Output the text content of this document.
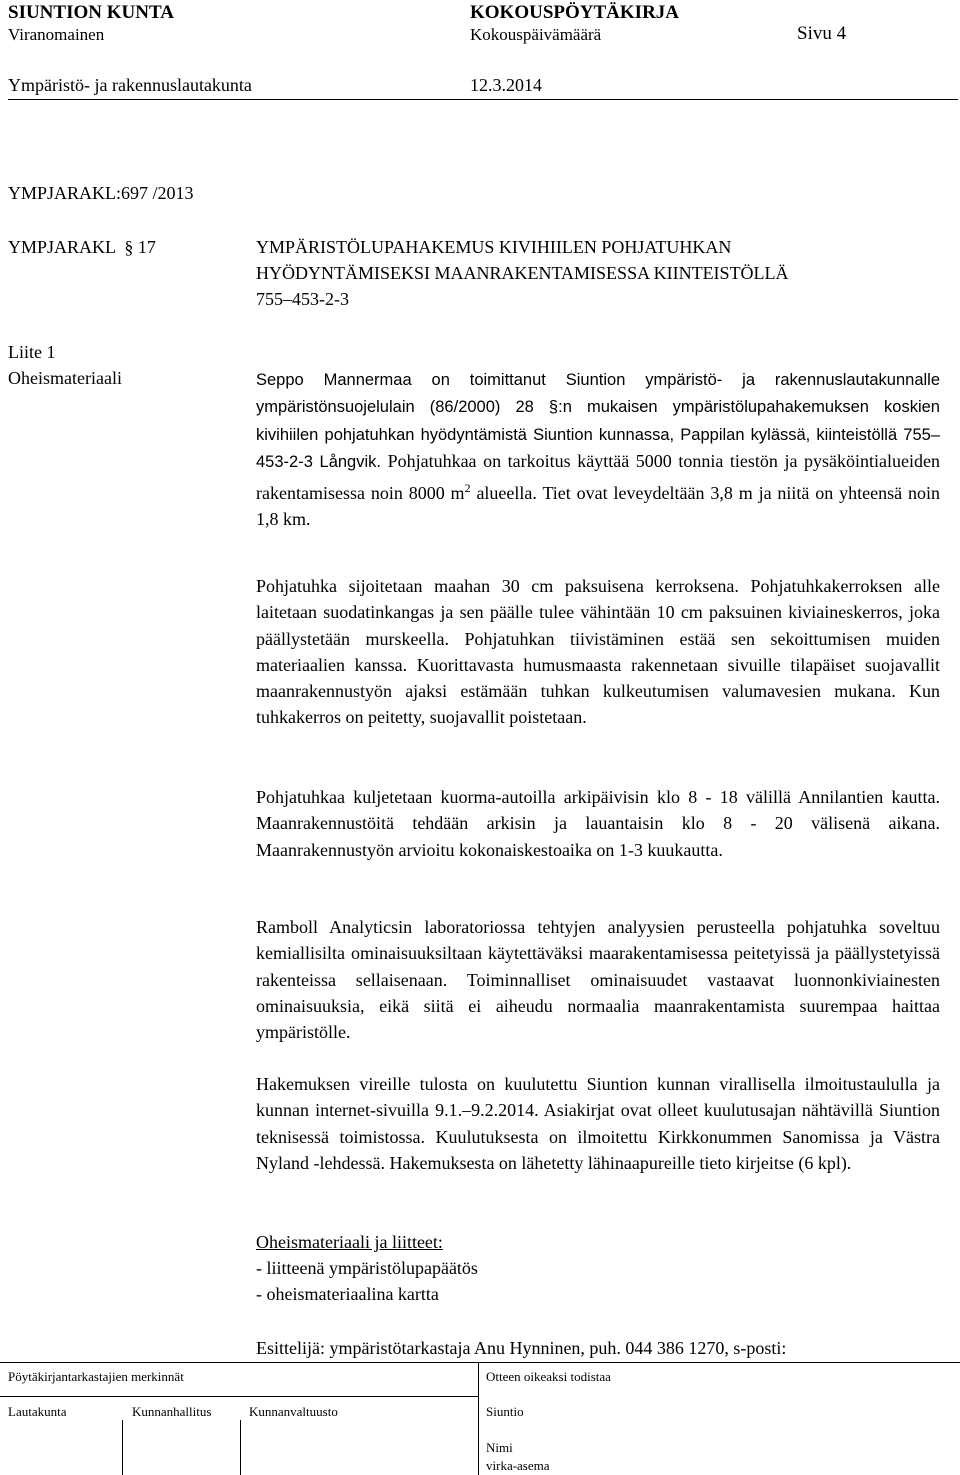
SIUNTION KUNTA	KOKOUSPÖYTÄKIRJA
Viranomainen	Kokouspäivämäärä	Sivu 4
Ympäristö- ja rakennuslautakunta	12.3.2014
YMPJARAKL:697 /2013
YMPJARAKL  § 17	YMPÄRISTÖLUPAHAKEMUS KIVIHIILEN POHJATUHKAN
HYÖDYNTÄMISEKSI MAANRAKENTAMISESSA KIINTEISTÖLLÄ
755–453-2-3
Liite 1
Oheismateriaali	Seppo Mannermaa on toimittanut Siuntion ympäristö- ja rakennuslautakunnalle ympäristönsuojelulain (86/2000) 28 §:n mukaisen ympäristölupahakemuksen koskien kivihiilen pohjatuhkan hyödyntämistä Siuntion kunnassa, Pappilan kylässä, kiinteistöllä 755–453-2-3 Långvik. Pohjatuhkaa on tarkoitus käyttää 5000 tonnia tiestön ja pysäköintialueiden rakentamisessa noin 8000 $m^2$ alueella. Tiet ovat leveydeltään 3,8 m ja niitä on yhteensä noin 1,8 km.

Pohjatuhka sijoitetaan maahan 30 cm paksuisena kerroksena. Pohjatuhkakerroksen alle laitetaan suodatinkangas ja sen päälle tulee vähintään 10 cm paksuinen kiviaineskerros, joka päällystetään murskeella. Pohjatuhkan tiivistäminen estää sen sekoittumisen muiden materiaalien kanssa. Kuorittavasta humusmaasta rakennetaan sivuille tilapäiset suojavallit maanrakennustyön ajaksi estämään tuhkan kulkeutumisen valumavesien mukana. Kun tuhkakerros on peitetty, suojavallit poistetaan.

Pohjatuhkaa kuljetetaan kuorma-autoilla arkipäivisin klo 8 - 18 välillä Annilantien kautta. Maanrakennustöitä tehdään arkisin ja lauantaisin klo 8 - 20 välisenä aikana. Maanrakennustyön arvioitu kokonaiskestoaika on 1-3 kuukautta.

Ramboll Analyticsin laboratoriossa tehtyjen analyysien perusteella pohjatuhka soveltuu kemiallisilta ominaisuuksiltaan käytettäväksi maarakentamisessa peitetyissä ja päällystetyissä rakenteissa sellaisenaan. Toiminnalliset ominaisuudet vastaavat luonnonkiviainesten ominaisuuksia, eikä siitä ei aiheudu normaalia maanrakentamista suurempaa haittaa ympäristölle.

Hakemuksen vireille tulosta on kuulutettu Siuntion kunnan virallisella ilmoitustaululla ja kunnan internet-sivuilla 9.1.–9.2.2014. Asiakirjat ovat olleet kuulutusajan nähtävillä Siuntion teknisessä toimistossa. Kuulutuksesta on ilmoitettu Kirkkonummen Sanomissa ja Västra Nyland -lehdessä. Hakemuksesta on lähetetty lähinaapureille tieto kirjeitse (6 kpl).

Oheismateriaali ja liitteet:
- liitteenä ympäristölupapäätös
- oheismateriaalina kartta
Esittelijä: ympäristötarkastaja Anu Hynninen, puh. 044 386 1270, s-posti:
Pöytäkirjantarkastajien merkinnät	Otteen oikeaksi todistaa
Lautakunta	Kunnanhallitus	Kunnanvaltuusto	Siuntio
Nimi
virka-asema
